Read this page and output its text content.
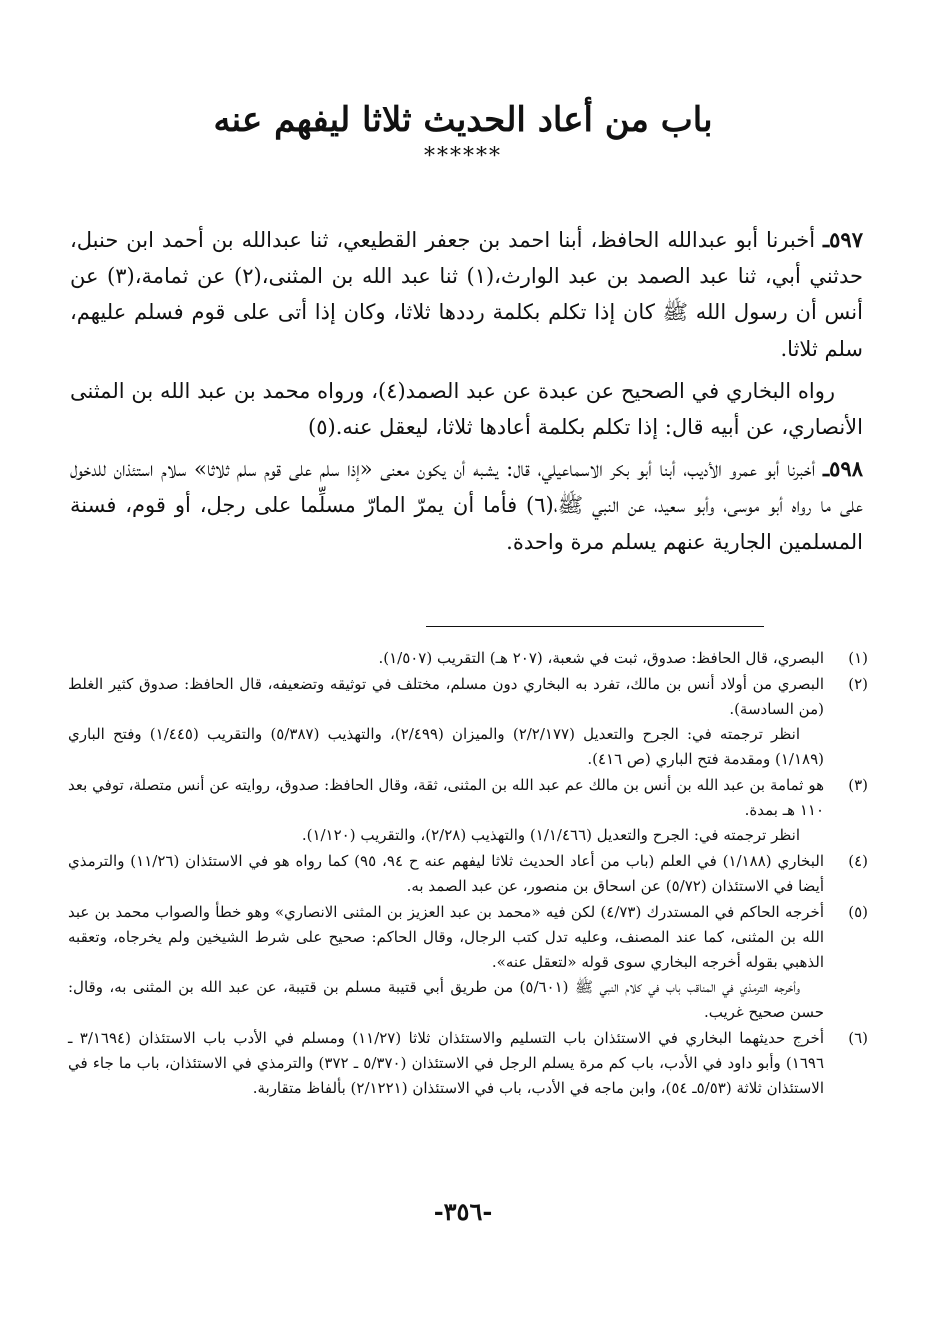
باب من أعاد الحديث ثلاثا ليفهم عنه
******

٥٩٧ـ أخبرنا أبو عبدالله الحافظ، أبنا احمد بن جعفر القطيعي، ثنا عبدالله بن أحمد ابن حنبل، حدثني أبي، ثنا عبد الصمد بن عبد الوارث،(١) ثنا عبد الله بن المثنى،(٢) عن ثمامة،(٣) عن أنس أن رسول الله ﷺ كان إذا تكلم بكلمة رددها ثلاثا، وكان إذا أتى على قوم فسلم عليهم، سلم ثلاثا.

رواه البخاري في الصحيح عن عبدة عن عبد الصمد(٤)، ورواه محمد بن عبد الله بن المثنى الأنصاري، عن أبيه قال: إذا تكلم بكلمة أعادها ثلاثا، ليعقل عنه.(٥)

٥٩٨ـ أخبرنا أبو عمرو الأديب، أبنا أبو بكر الاسماعيلي، قال: يشبه أن يكون معنى «إذا سلم على قوم سلم ثلاثا» سلام استئذان للدخول على ما رواه أبو موسى، وأبو سعيد، عن النبي ﷺ،(٦) فأما أن يمرّ المارّ مسلِّما على رجل، أو قوم، فسنة المسلمين الجارية عنهم يسلم مرة واحدة.

(١)

البصري، قال الحافظ: صدوق، ثبت في شعبة، (٢٠٧ هـ) التقريب (١/٥٠٧).

(٢)

البصري من أولاد أنس بن مالك، تفرد به البخاري دون مسلم، مختلف في توثيقه وتضعيفه، قال الحافظ: صدوق كثير الغلط (من السادسة).

انظر ترجمته في: الجرح والتعديل (٢/٢/١٧٧) والميزان (٢/٤٩٩)، والتهذيب (٥/٣٨٧) والتقريب (١/٤٤٥) وفتح الباري (١/١٨٩) ومقدمة فتح الباري (ص ٤١٦).

(٣)

هو ثمامة بن عبد الله بن أنس بن مالك عم عبد الله بن المثنى، ثقة، وقال الحافظ: صدوق، روايته عن أنس متصلة، توفي بعد ١١٠ هـ بمدة.

انظر ترجمته في: الجرح والتعديل (١/١/٤٦٦) والتهذيب (٢/٢٨)، والتقريب (١/١٢٠).

(٤)

البخاري (١/١٨٨) في العلم (باب من أعاد الحديث ثلاثا ليفهم عنه ح ٩٤، ٩٥) كما رواه هو في الاستئذان (١١/٢٦) والترمذي أيضا في الاستئذان (٥/٧٢) عن اسحاق بن منصور، عن عبد الصمد به.

(٥)

أخرجه الحاكم في المستدرك (٤/٧٣) لكن فيه «محمد بن عبد العزيز بن المثنى الانصاري» وهو خطأ والصواب محمد بن عبد الله بن المثنى، كما عند المصنف، وعليه تدل كتب الرجال، وقال الحاكم: صحيح على شرط الشيخين ولم يخرجاه، وتعقبه الذهبي بقوله أخرجه البخاري سوى قوله «لتعقل عنه».

وأخرجه الترمذي في المناقب باب في كلام النبي ﷺ (٥/٦٠١) من طريق أبي قتيبة مسلم بن قتيبة، عن عبد الله بن المثنى به، وقال: حسن صحيح غريب.

(٦)

أخرج حديثهما البخاري في الاستئذان باب التسليم والاستئذان ثلاثا (١١/٢٧) ومسلم في الأدب باب الاستئذان (٣/١٦٩٤ ـ ١٦٩٦) وأبو داود في الأدب، باب كم مرة يسلم الرجل في الاستئذان (٥/٣٧٠ ـ ٣٧٢) والترمذي في الاستئذان، باب ما جاء في الاستئذان ثلاثة (٥/٥٣ـ ٥٤)، وابن ماجه في الأدب، باب في الاستئذان (٢/١٢٢١) بألفاظ متقاربة.

-٣٥٦-
